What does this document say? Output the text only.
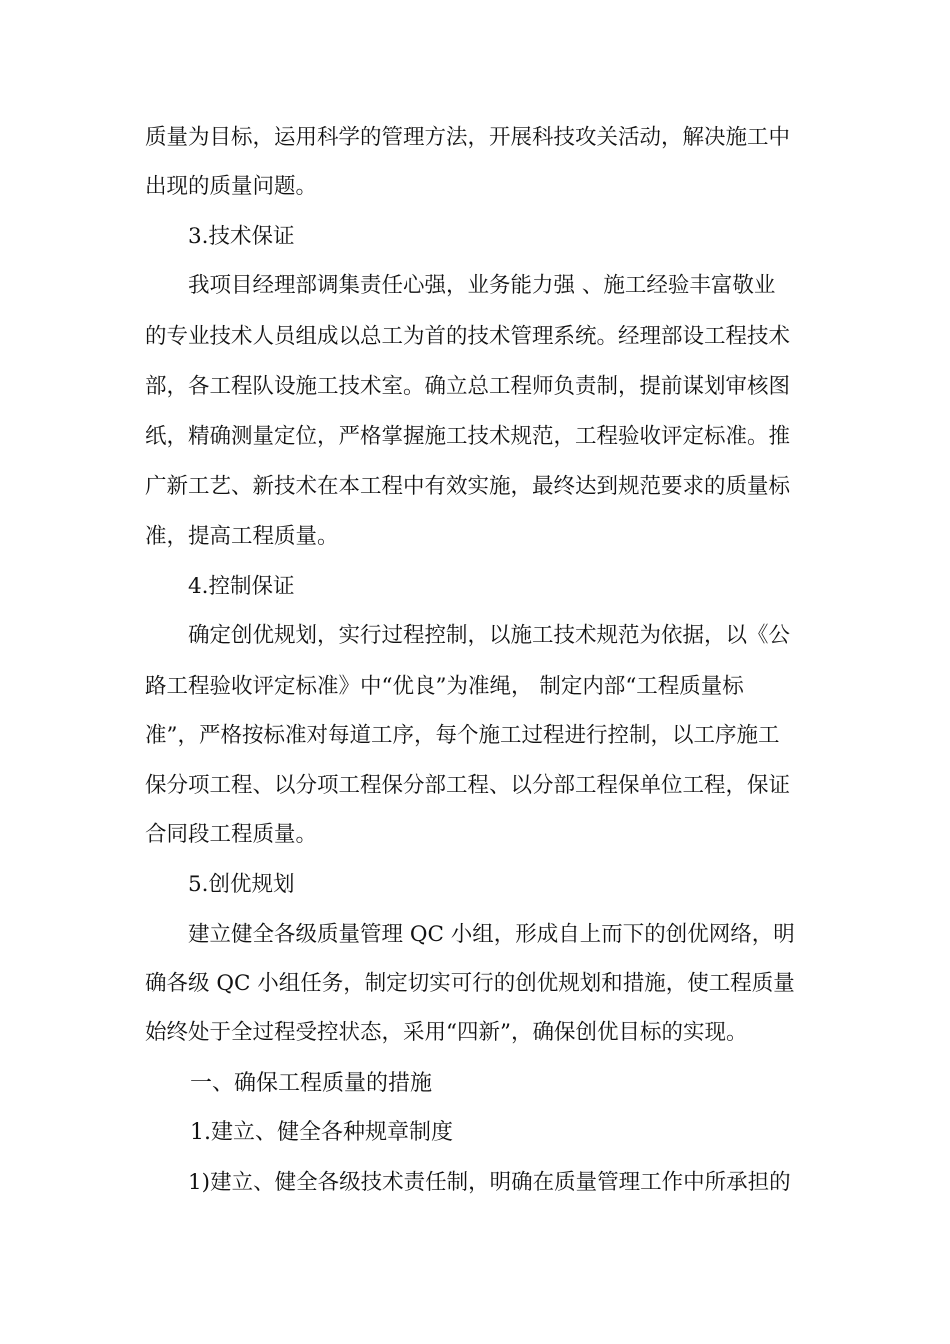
质量为目标，运用科学的管理方法，开展科技攻关活动，解决施工中
出现的质量问题。
3.技术保证
我项目经理部调集责任心强，业务能力强 、施工经验丰富敬业
的专业技术人员组成以总工为首的技术管理系统。经理部设工程技术
部，各工程队设施工技术室。确立总工程师负责制，提前谋划审核图
纸，精确测量定位，严格掌握施工技术规范，工程验收评定标准。推
广新工艺、新技术在本工程中有效实施，最终达到规范要求的质量标
准，提高工程质量。
4.控制保证
确定创优规划，实行过程控制，以施工技术规范为依据，以《公
路工程验收评定标准》中“优良”为准绳， 制定内部“工程质量标
准”，严格按标准对每道工序，每个施工过程进行控制，以工序施工
保分项工程、以分项工程保分部工程、以分部工程保单位工程，保证
合同段工程质量。
5.创优规划
建立健全各级质量管理 QC 小组，形成自上而下的创优网络，明
确各级 QC 小组任务，制定切实可行的创优规划和措施，使工程质量
始终处于全过程受控状态，采用“四新”，确保创优目标的实现。
一、确保工程质量的措施
1.建立、健全各种规章制度
1)建立、健全各级技术责任制，明确在质量管理工作中所承担的
